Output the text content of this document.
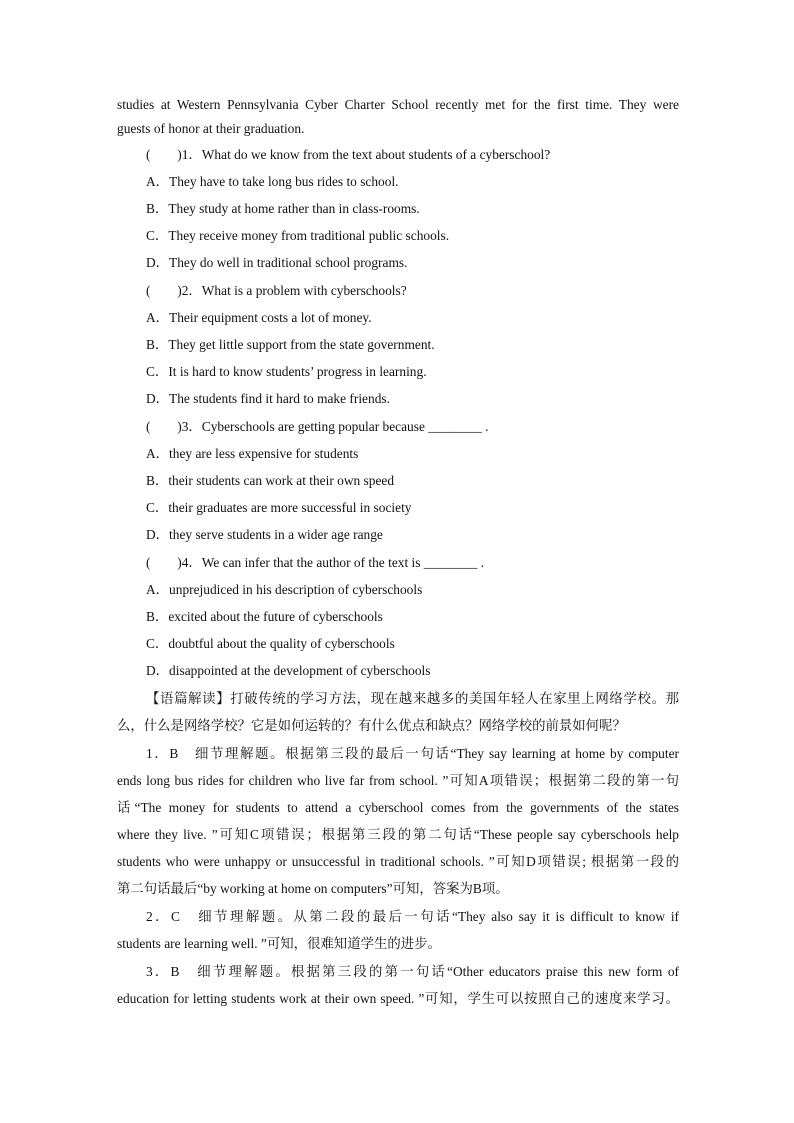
studies at Western Pennsylvania Cyber Charter School recently met for the first time. They were
guests of honor at their graduation.
(　　)1．What do we know from the text about students of a cyberschool?
A．They have to take long bus rides to school.
B．They study at home rather than in class-rooms.
C．They receive money from traditional public schools.
D．They do well in traditional school programs.
(　　)2．What is a problem with cyberschools?
A．Their equipment costs a lot of money.
B．They get little support from the state government.
C．It is hard to know students’ progress in learning.
D．The students find it hard to make friends.
(　　)3．Cyberschools are getting popular because ________ .
A．they are less expensive for students
B．their students can work at their own speed
C．their graduates are more successful in society
D．they serve students in a wider age range
(　　)4．We can infer that the author of the text is ________ .
A．unprejudiced in his description of cyberschools
B．excited about the future of cyberschools
C．doubtful about the quality of cyberschools
D．disappointed at the development of cyberschools
【语篇解读】打破传统的学习方法，现在越来越多的美国年轻人在家里上网络学校。那
么，什么是网络学校？它是如何运转的？有什么优点和缺点？网络学校的前景如何呢？
1．B　细节理解题。根据第三段的最后一句话“They say learning at home by computer
ends long bus rides for children who live far from school. ”可知A项错误；根据第二段的第一句
话“The money for students to attend a cyberschool comes from the governments of the states
where they live. ”可知C项错误；根据第三段的第二句话“These people say cyberschools help
students who were unhappy or unsuccessful in traditional schools. ”可知D项错误; 根据第一段的
第二句话最后“by working at home on computers”可知，答案为B项。
2．C　细节理解题。从第二段的最后一句话“They also say it is difficult to know if
students are learning well. ”可知，很难知道学生的进步。
3．B　细节理解题。根据第三段的第一句话“Other educators praise this new form of
education for letting students work at their own speed. ”可知，学生可以按照自己的速度来学习。
